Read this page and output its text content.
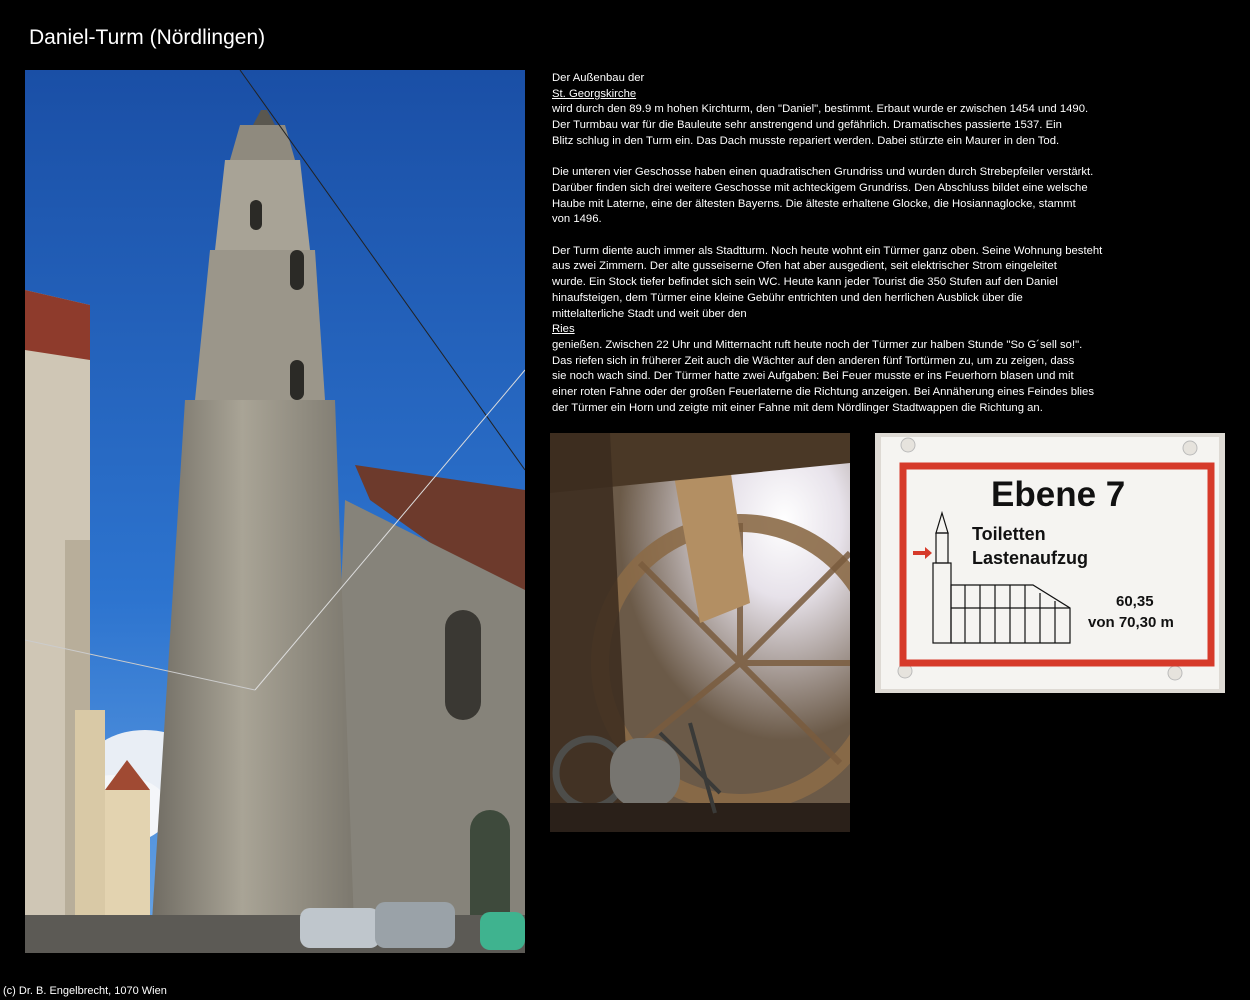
Daniel-Turm (Nördlingen)

Der Außenbau der
St. Georgskirche
wird durch den 89.9 m hohen Kirchturm, den "Daniel", bestimmt. Erbaut wurde er zwischen 1454 und 1490.
Der Turmbau war für die Bauleute sehr anstrengend und gefährlich. Dramatisches passierte 1537. Ein
Blitz schlug in den Turm ein. Das Dach musste repariert werden. Dabei stürzte ein Maurer in den Tod.

Die unteren vier Geschosse haben einen quadratischen Grundriss und wurden durch Strebepfeiler verstärkt.
Darüber finden sich drei weitere Geschosse mit achteckigem Grundriss. Den Abschluss bildet eine welsche
Haube mit Laterne, eine der ältesten Bayerns. Die älteste erhaltene Glocke, die Hosiannaglocke, stammt
von 1496.

Der Turm diente auch immer als Stadtturm. Noch heute wohnt ein Türmer ganz oben. Seine Wohnung besteht
aus zwei Zimmern. Der alte gusseiserne Ofen hat aber ausgedient, seit elektrischer Strom eingeleitet
wurde. Ein Stock tiefer befindet sich sein WC. Heute kann jeder Tourist die 350 Stufen auf den Daniel
hinaufsteigen, dem Türmer eine kleine Gebühr entrichten und den herrlichen Ausblick über die
mittelalterliche Stadt und weit über den
Ries
genießen. Zwischen 22 Uhr und Mitternacht ruft heute noch der Türmer zur halben Stunde "So G´sell so!".
Das riefen sich in früherer Zeit auch die Wächter auf den anderen fünf Tortürmen zu, um zu zeigen, dass
sie noch wach sind. Der Türmer hatte zwei Aufgaben: Bei Feuer musste er ins Feuerhorn blasen und mit
einer roten Fahne oder der großen Feuerlaterne die Richtung anzeigen. Bei Annäherung eines Feindes blies
der Türmer ein Horn und zeigte mit einer Fahne mit dem Nördlinger Stadtwappen die Richtung an.

Ebene 7
Toiletten
Lastenaufzug
60,35
von 70,30 m
(c) Dr. B. Engelbrecht, 1070 Wien
